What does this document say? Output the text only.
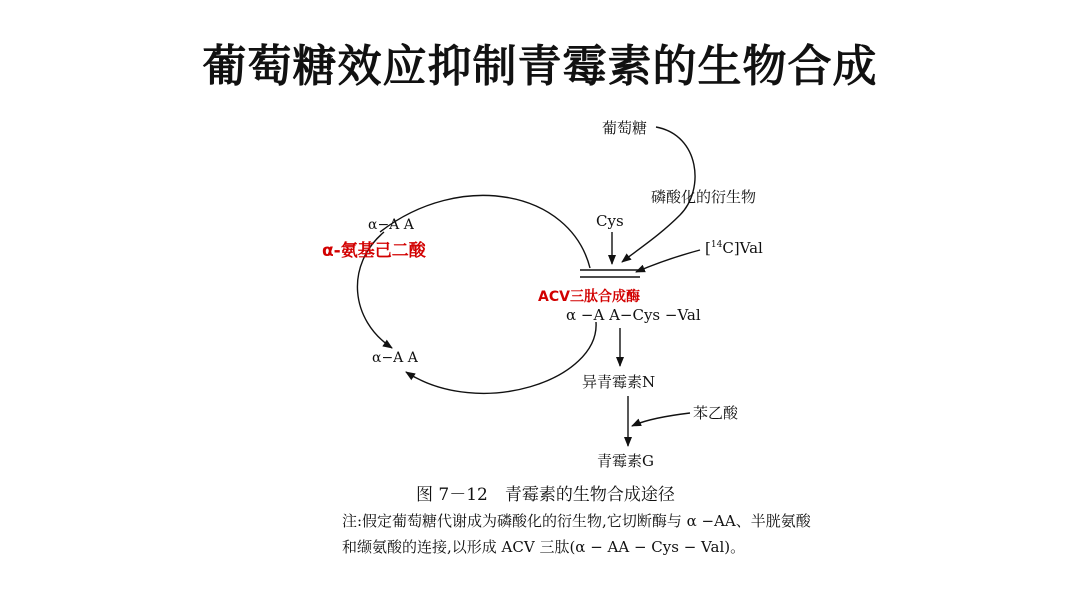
葡萄糖效应抑制青霉素的生物合成
葡萄糖
磷酸化的衍生物
Cys
[$^{14}$C]Val
α−A A
α-氨基己二酸
ACV三肽合成酶
α −A A−Cys −Val
α−A A
异青霉素N
苯乙酸
青霉素G
图 7－12　青霉素的生物合成途径
注:假定葡萄糖代谢成为磷酸化的衍生物,它切断酶与 α −AA、半胱氨酸和缬氨酸的连接,以形成 ACV 三肽(α − AA − Cys − Val)。
